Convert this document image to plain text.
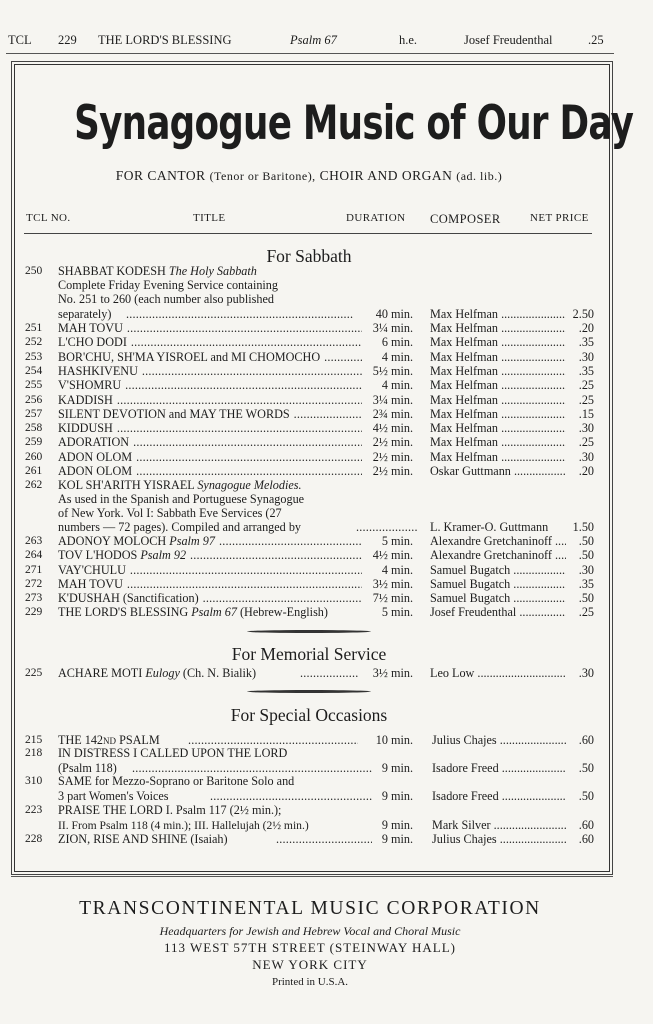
TCL 229 THE LORD'S BLESSING	Psalm 67	h.e.	Josef Freudenthal	.25
Synagogue Music of Our Day
FOR CANTOR (Tenor or Baritone), CHOIR AND ORGAN (ad. lib.)
TCL NO.	TITLE	DURATION COMPOSER	NET PRICE
For Sabbath
250	SHABBAT KODESH The Holy Sabbath
Complete Friday Evening Service containing
No. 251 to 260 (each number also published
separately) .....	40 min. Max Helfman .....	2.50
251	MAH TOVU .....	3¼ min. Max Helfman .....	.20
252	L'CHO DODI .....	6 min. Max Helfman .....	.35
253	BOR'CHU, SH'MA YISROEL and MI CHOMOCHO .....	4 min. Max Helfman .....	.30
254	HASHKIVENU .....	5½ min. Max Helfman .....	.35
255	V'SHOMRU .....	4 min. Max Helfman .....	.25
256	KADDISH .....	3¼ min. Max Helfman .....	.25
257	SILENT DEVOTION and MAY THE WORDS .....	2¾ min. Max Helfman .....	.15
258	KIDDUSH .....	4½ min. Max Helfman .....	.30
259	ADORATION .....	2½ min. Max Helfman .....	.25
260	ADON OLOM .....	2½ min. Max Helfman .....	.30
261	ADON OLOM .....	2½ min. Oskar Guttmann .....	.20
262	KOL SH'ARITH YISRAEL Synagogue Melodies.
As used in the Spanish and Portuguese Synagogue
of New York. Vol I: Sabbath Eve Services (27
numbers — 72 pages). Compiled and arranged by .....	L. Kramer-O. Guttmann	1.50
263	ADONOY MOLOCH Psalm 97 .....	5 min. Alexandre Gretchaninoff .....	.50
264	TOV L'HODOS Psalm 92 .....	4½ min. Alexandre Gretchaninoff .....	.50
271	VAY'CHULU .....	4 min. Samuel Bugatch .....	.30
272	MAH TOVU .....	3½ min. Samuel Bugatch .....	.35
273	K'DUSHAH (Sanctification) .....	7½ min. Samuel Bugatch .....	.50
229	THE LORD'S BLESSING Psalm 67 (Hebrew-English)	5 min. Josef Freudenthal .....	.25
For Memorial Service
225	ACHARE MOTI Eulogy (Ch. N. Bialik) .....	3½ min. Leo Low .....	.30
For Special Occasions
215	THE 142ND PSALM .....	10 min. Julius Chajes .....	.60
218	IN DISTRESS I CALLED UPON THE LORD
(Psalm 118) .....	9 min. Isadore Freed .....	.50
310	SAME for Mezzo-Soprano or Baritone Solo and
3 part Women's Voices .....	9 min. Isadore Freed .....	.50
223	PRAISE THE LORD I. Psalm 117 (2½ min.);
II. From Psalm 118 (4 min.); III. Hallelujah (2½ min.)	9 min. Mark Silver .....	.60
228	ZION, RISE AND SHINE (Isaiah) .....	9 min. Julius Chajes .....	.60
TRANSCONTINENTAL MUSIC CORPORATION
Headquarters for Jewish and Hebrew Vocal and Choral Music
113 WEST 57TH STREET (STEINWAY HALL)
NEW YORK CITY
Printed in U.S.A.
